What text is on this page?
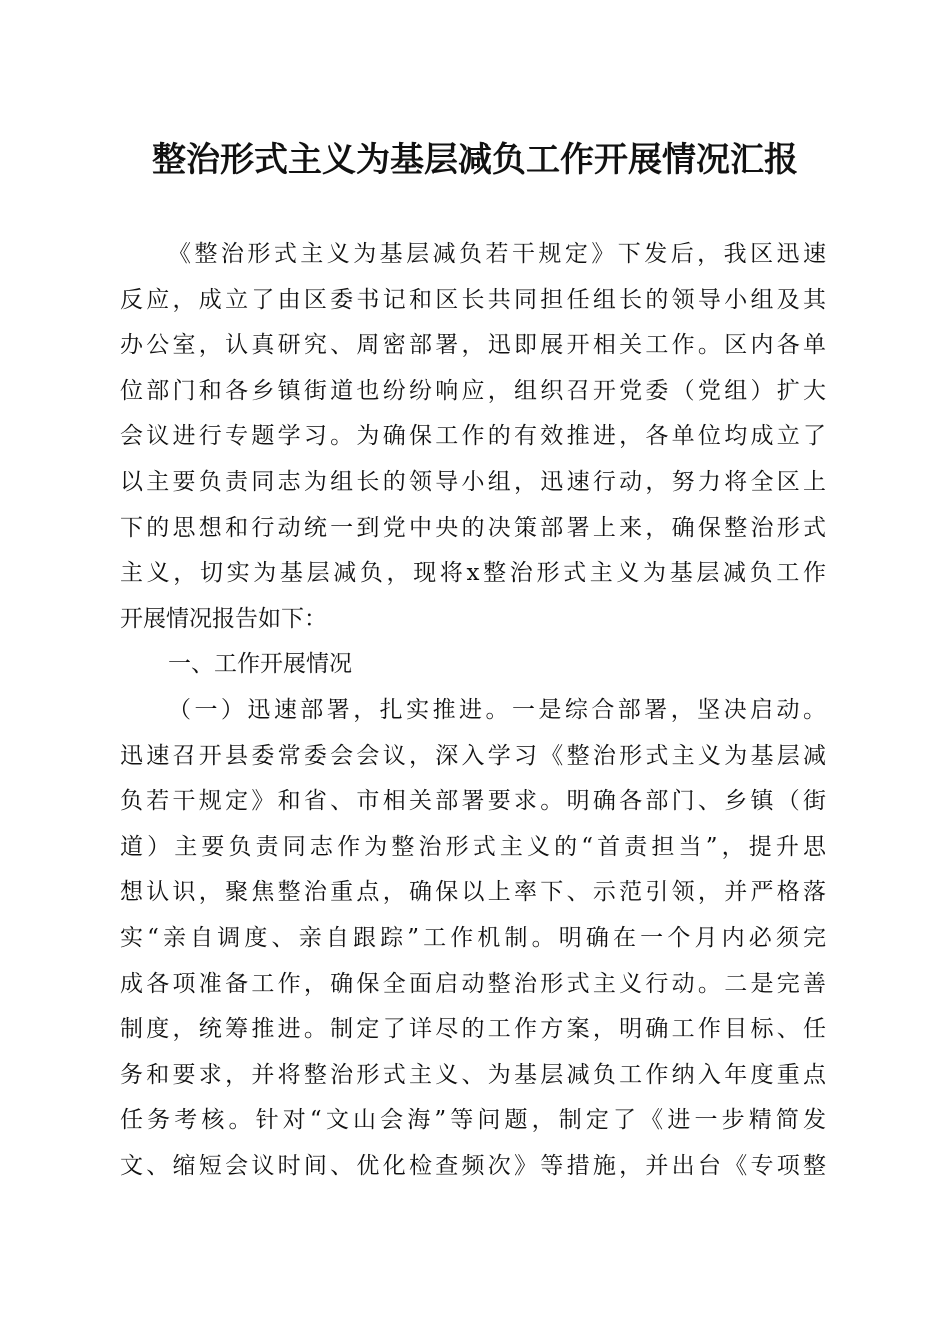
整治形式主义为基层减负工作开展情况汇报
《整治形式主义为基层减负若干规定》下发后，我区迅速
反应，成立了由区委书记和区长共同担任组长的领导小组及其
办公室，认真研究、周密部署，迅即展开相关工作。区内各单
位部门和各乡镇街道也纷纷响应，组织召开党委（党组）扩大
会议进行专题学习。为确保工作的有效推进，各单位均成立了
以主要负责同志为组长的领导小组，迅速行动，努力将全区上
下的思想和行动统一到党中央的决策部署上来，确保整治形式
主义，切实为基层减负，现将x整治形式主义为基层减负工作
开展情况报告如下：
一、工作开展情况
（一）迅速部署，扎实推进。一是综合部署，坚决启动。
迅速召开县委常委会会议，深入学习《整治形式主义为基层减
负若干规定》和省、市相关部署要求。明确各部门、乡镇（街
道）主要负责同志作为整治形式主义的“首责担当”，提升思
想认识，聚焦整治重点，确保以上率下、示范引领，并严格落
实“亲自调度、亲自跟踪”工作机制。明确在一个月内必须完
成各项准备工作，确保全面启动整治形式主义行动。二是完善
制度，统筹推进。制定了详尽的工作方案，明确工作目标、任
务和要求，并将整治形式主义、为基层减负工作纳入年度重点
任务考核。针对“文山会海”等问题，制定了《进一步精简发
文、缩短会议时间、优化检查频次》等措施，并出台《专项整
